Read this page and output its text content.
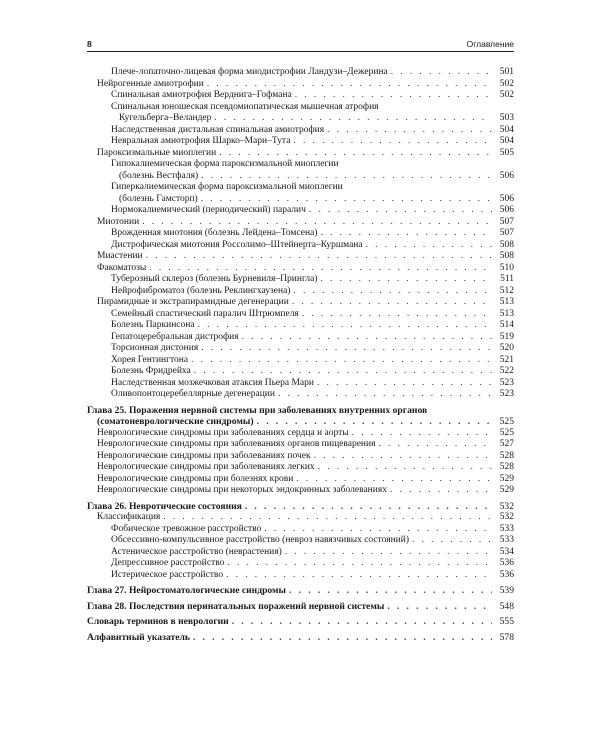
8	Оглавление
Плече-лопаточно-лицевая форма миодистрофии Ландузи–Дежерина . . .	501
Нейрогенные амиотрофии . . .	502
Спинальная амиотрофия Верднига–Гофмана . . .	502
Спинальная юношеская псевдомиопатическая мышечная атрофия
Кугельберга–Веландер . . .	503
Наследственная дистальная спинальная амиотрофия . . .	504
Невральная амиотрофия Шарко–Мари–Тута . . .	504
Пароксизмальные миоплегии . . .	505
Гипокалиемическая форма пароксизмальной миоплегии
(болезнь Вестфаля) . . .	506
Гиперкалиемическая форма пароксизмальной миоплегии
(болезнь Гамсторп) . . .	506
Нормокалиемический (периодический) паралич . . .	506
Миотонии . . .	507
Врожденная миотония (болезнь Лейдена–Томсена) . . .	507
Дистрофическая миотония Россолимо–Штейнерта–Куршмана . . .	508
Миастении . . .	508
Факоматозы . . .	510
Туберозный склероз (болезнь Бурневиля–Прингла) . . .	511
Нейрофиброматоз (болезнь Реклингхаузена) . . .	512
Пирамидные и экстрапирамидные дегенерации . . .	513
Семейный спастический паралич Штрюмпеля . . .	513
Болезнь Паркинсона . . .	514
Гепатоцеребральная дистрофия . . .	519
Торсионная дистония . . .	520
Хорея Гентингтона . . .	521
Болезнь Фридрейха . . .	522
Наследственная мозжечковая атаксия Пьера Мари . . .	523
Оливопонтоцеребеллярные дегенерации . . .	523
Глава 25. Поражения нервной системы при заболеваниях внутренних органов
(соматоневрологические синдромы) . . .	525
Неврологические синдромы при заболеваниях сердца и аорты . . .	525
Неврологические синдромы при заболеваниях органов пищеварения . . .	527
Неврологические синдромы при заболеваниях почек . . .	528
Неврологические синдромы при заболеваниях легких . . .	528
Неврологические синдромы при болезнях крови . . .	529
Неврологические синдромы при некоторых эндокринных заболеваниях . . .	529
Глава 26. Невротические состояния . . .	532
Классификация . . .	532
Фобическое тревожное расстройство . . .	533
Обсессивно-компульсивное расстройство (невроз навязчивых состояний) . . .	533
Астеническое расстройство (неврастения) . . .	534
Депрессивное расстройство . . .	536
Истерическое расстройство . . .	536
Глава 27. Нейростоматологические синдромы . . .	539
Глава 28. Последствия перинатальных поражений нервной системы . . .	548
Словарь терминов в неврологии . . .	555
Алфавитный указатель . . .	578
